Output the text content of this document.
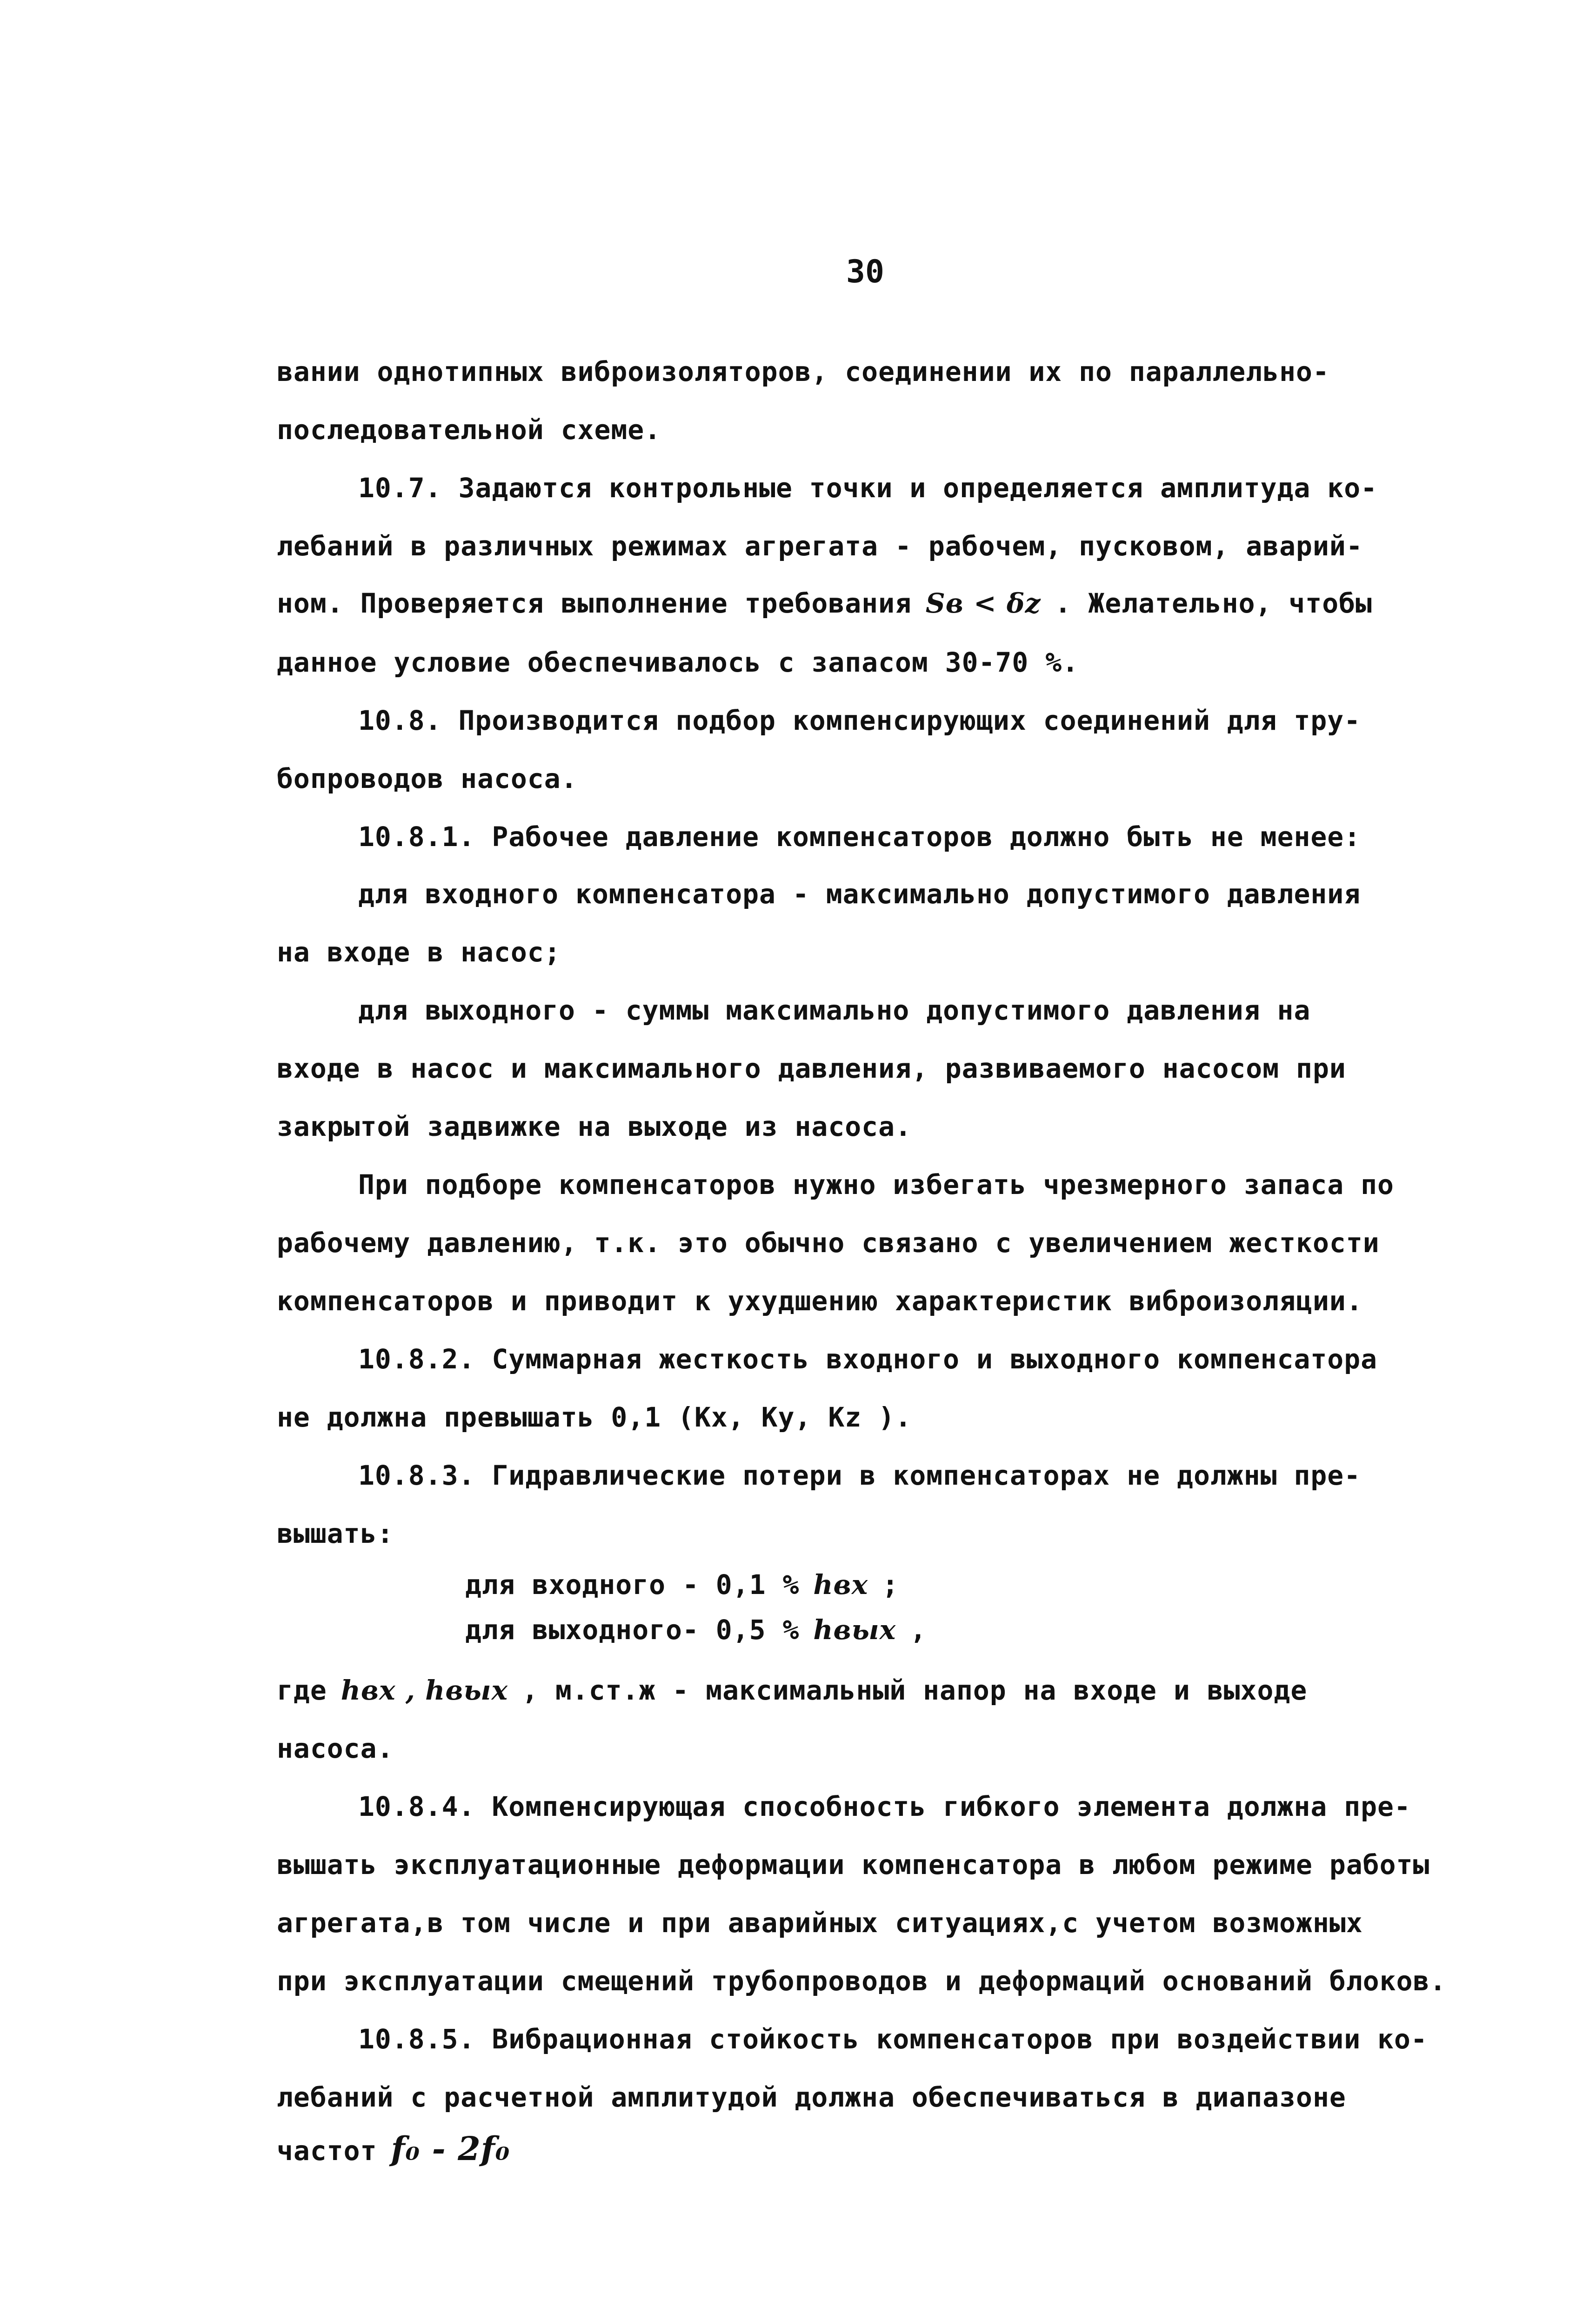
30
вании однотипных виброизоляторов, соединении их по параллельно-
последовательной схеме.
10.7. Задаются контрольные точки и определяется амплитуда ко-
лебаний в различных режимах агрегата - рабочем, пусковом, аварий-
ном. Проверяется выполнение требования Sв < δz . Желательно, чтобы
данное условие обеспечивалось с запасом 30-70 %.
10.8. Производится подбор компенсирующих соединений для тру-
бопроводов насоса.
10.8.1. Рабочее давление компенсаторов должно быть не менее:
для входного компенсатора - максимально допустимого давления
на входе в насос;
для выходного - суммы максимально допустимого давления на
входе в насос и максимального давления, развиваемого насосом при
закрытой задвижке на выходе из насоса.
При подборе компенсаторов нужно избегать чрезмерного запаса по
рабочему давлению, т.к. это обычно связано с увеличением жесткости
компенсаторов и приводит к ухудшению характеристик виброизоляции.
10.8.2. Суммарная жесткость входного и выходного компенсатора
не должна превышать 0,1 (Кх, Ку, Кz ).
10.8.3. Гидравлические потери в компенсаторах не должны пре-
вышать:
для входного - 0,1 % hвх ;
для выходного- 0,5 % hвых ,
где hвх , hвых , м.ст.ж - максимальный напор на входе и выходе
насоса.
10.8.4. Компенсирующая способность гибкого элемента должна пре-
вышать эксплуатационные деформации компенсатора в любом режиме работы
агрегата,в том числе и при аварийных ситуациях,с учетом возможных
при эксплуатации смещений трубопроводов и деформаций оснований блоков.
10.8.5. Вибрационная стойкость компенсаторов при воздействии ко-
лебаний с расчетной амплитудой должна обеспечиваться в диапазоне
частот f₀ - 2f₀
